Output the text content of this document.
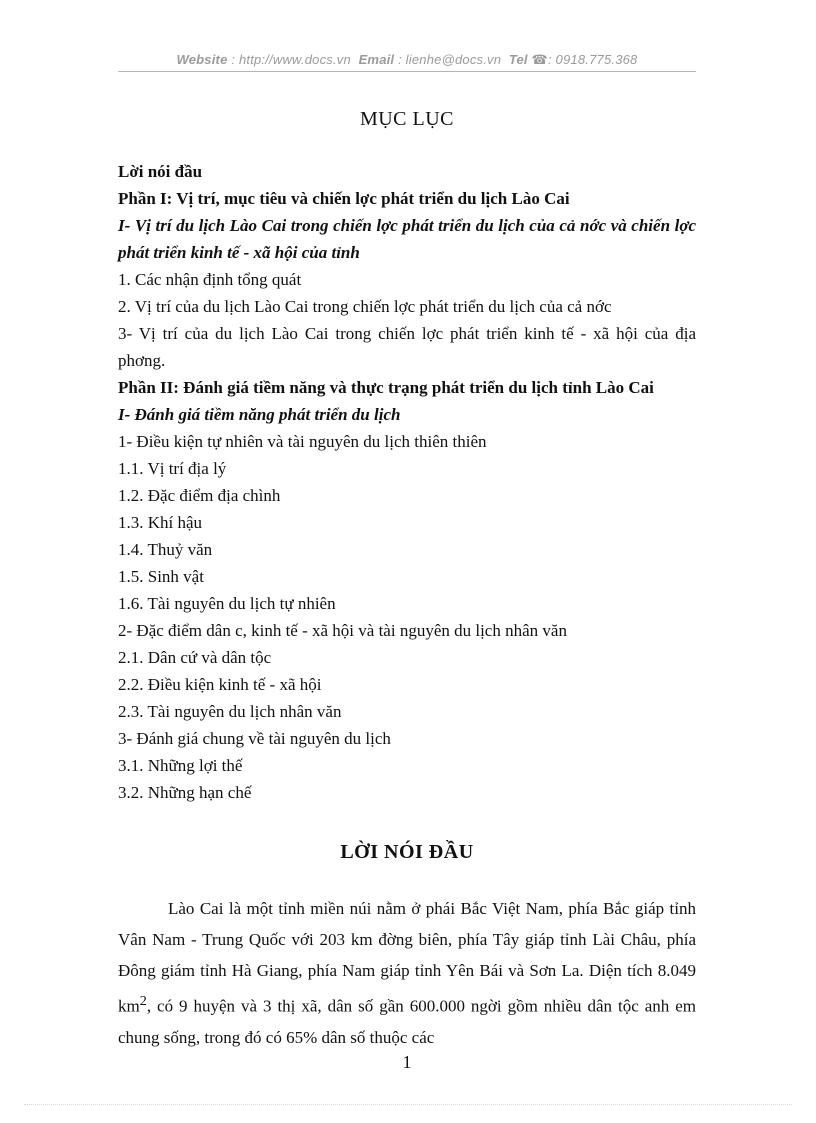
Website : http://www.docs.vn Email : lienhe@docs.vn Tel ☎: 0918.775.368
MỤC LỤC
Lời nói đầu
Phần I: Vị trí, mục tiêu và chiến lợc phát triển du lịch Lào Cai
I- Vị trí du lịch Lào Cai trong chiến lợc phát triển du lịch của cả nớc và chiến lợc phát triển kinh tế - xã hội của tỉnh
1. Các nhận định tổng quát
2. Vị trí của du lịch Lào Cai trong chiến lợc phát triển du lịch của cả nớc
3- Vị trí của du lịch Lào Cai trong chiến lợc phát triển kinh tế - xã hội của địa phơng.
Phần II: Đánh giá tiềm năng và thực trạng phát triển du lịch tỉnh Lào Cai
I- Đánh giá tiềm năng phát triển du lịch
1- Điều kiện tự nhiên và tài nguyên du lịch thiên thiên
1.1. Vị trí địa lý
1.2. Đặc điểm địa chình
1.3. Khí hậu
1.4. Thuỷ văn
1.5. Sinh vật
1.6. Tài nguyên du lịch tự nhiên
2- Đặc điểm dân c, kinh tế - xã hội và tài nguyên du lịch nhân văn
2.1. Dân cứ và dân tộc
2.2. Điều kiện kinh tế - xã hội
2.3. Tài nguyên du lịch nhân văn
3- Đánh giá chung về tài nguyên du lịch
3.1. Những lợi thế
3.2. Những hạn chế
LỜI NÓI ĐẦU
Lào Cai là một tỉnh miền núi nằm ở phái Bắc Việt Nam, phía Bắc giáp tỉnh Vân Nam - Trung Quốc với 203 km đờng biên, phía Tây giáp tỉnh Lài Châu, phía Đông giám tỉnh Hà Giang, phía Nam giáp tỉnh Yên Bái và Sơn La. Diện tích 8.049 $km^2$, có 9 huyện và 3 thị xã, dân số gần 600.000 ngời gồm nhiều dân tộc anh em chung sống, trong đó có 65% dân số thuộc các
1
